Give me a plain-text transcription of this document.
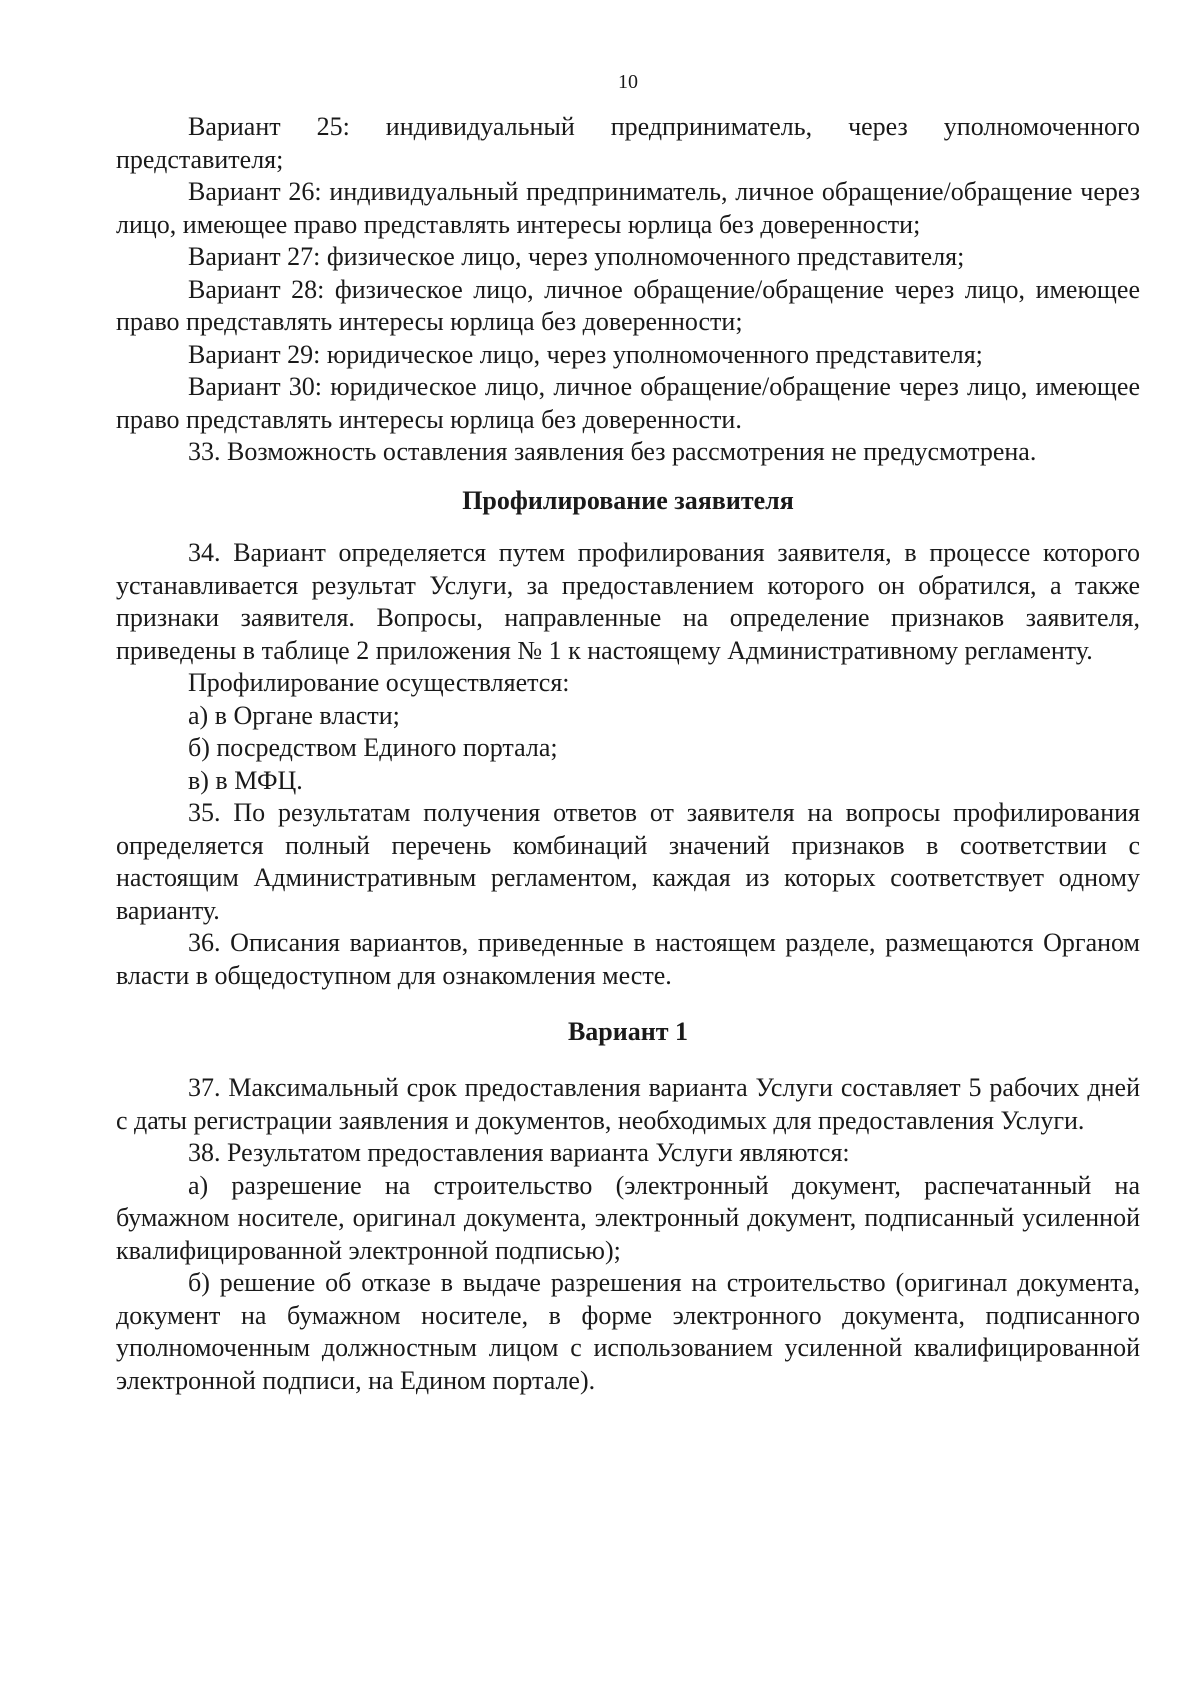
10

Вариант 25: индивидуальный предприниматель, через уполномоченного представителя;

Вариант 26: индивидуальный предприниматель, личное обращение/обращение через лицо, имеющее право представлять интересы юрлица без доверенности;

Вариант 27: физическое лицо, через уполномоченного представителя;

Вариант 28: физическое лицо, личное обращение/обращение через лицо, имеющее право представлять интересы юрлица без доверенности;

Вариант 29: юридическое лицо, через уполномоченного представителя;

Вариант 30: юридическое лицо, личное обращение/обращение через лицо, имеющее право представлять интересы юрлица без доверенности.

33. Возможность оставления заявления без рассмотрения не предусмотрена.

Профилирование заявителя

34. Вариант определяется путем профилирования заявителя, в процессе которого устанавливается результат Услуги, за предоставлением которого он обратился, а также признаки заявителя. Вопросы, направленные на определение признаков заявителя, приведены в таблице 2 приложения № 1 к настоящему Административному регламенту.

Профилирование осуществляется:

а) в Органе власти;

б) посредством Единого портала;

в) в МФЦ.

35. По результатам получения ответов от заявителя на вопросы профилирования определяется полный перечень комбинаций значений признаков в соответствии с настоящим Административным регламентом, каждая из которых соответствует одному варианту.

36. Описания вариантов, приведенные в настоящем разделе, размещаются Органом власти в общедоступном для ознакомления месте.

Вариант 1

37. Максимальный срок предоставления варианта Услуги составляет 5 рабочих дней с даты регистрации заявления и документов, необходимых для предоставления Услуги.

38. Результатом предоставления варианта Услуги являются:

а) разрешение на строительство (электронный документ, распечатанный на бумажном носителе, оригинал документа, электронный документ, подписанный усиленной квалифицированной электронной подписью);

б) решение об отказе в выдаче разрешения на строительство (оригинал документа, документ на бумажном носителе, в форме электронного документа, подписанного уполномоченным должностным лицом с использованием усиленной квалифицированной электронной подписи, на Едином портале).
